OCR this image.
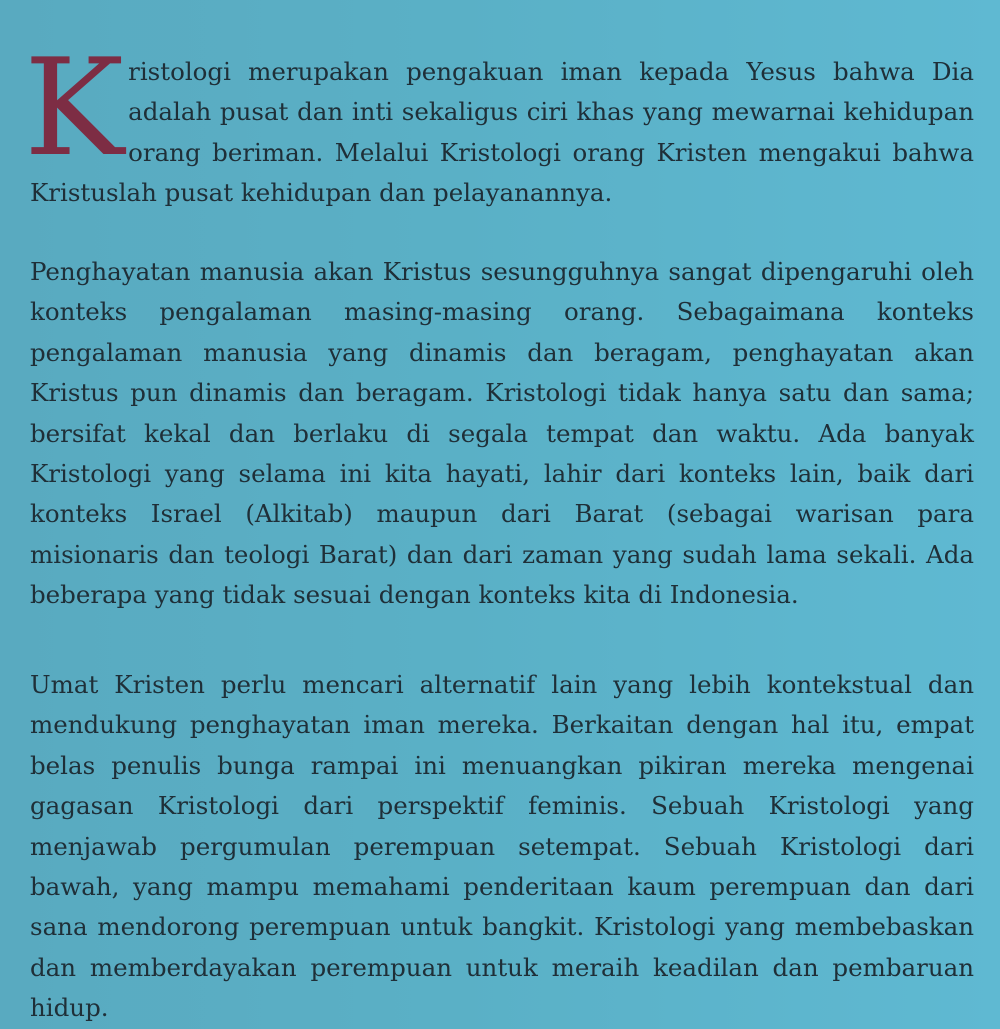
Kristologi merupakan pengakuan iman kepada Yesus bahwa Dia adalah pusat dan inti sekaligus ciri khas yang mewarnai kehidupan orang beriman. Melalui Kristologi orang Kristen mengakui bahwa Kristuslah pusat kehidupan dan pelayanannya.

Penghayatan manusia akan Kristus sesungguhnya sangat dipengaruhi oleh konteks pengalaman masing-masing orang. Sebagaimana konteks pengalaman manusia yang dinamis dan beragam, penghayatan akan Kristus pun dinamis dan beragam. Kristologi tidak hanya satu dan sama; bersifat kekal dan berlaku di segala tempat dan waktu. Ada banyak Kristologi yang selama ini kita hayati, lahir dari konteks lain, baik dari konteks Israel (Alkitab) maupun dari Barat (sebagai warisan para misionaris dan teologi Barat) dan dari zaman yang sudah lama sekali. Ada beberapa yang tidak sesuai dengan konteks kita di Indonesia.

Umat Kristen perlu mencari alternatif lain yang lebih kontekstual dan mendukung penghayatan iman mereka. Berkaitan dengan hal itu, empat belas penulis bunga rampai ini menuangkan pikiran mereka mengenai gagasan Kristologi dari perspektif feminis. Sebuah Kristologi yang menjawab pergumulan perempuan setempat. Sebuah Kristologi dari bawah, yang mampu memahami penderitaan kaum perempuan dan dari sana mendorong perempuan untuk bangkit. Kristologi yang membebaskan dan memberdayakan perempuan untuk meraih keadilan dan pembaruan hidup.
